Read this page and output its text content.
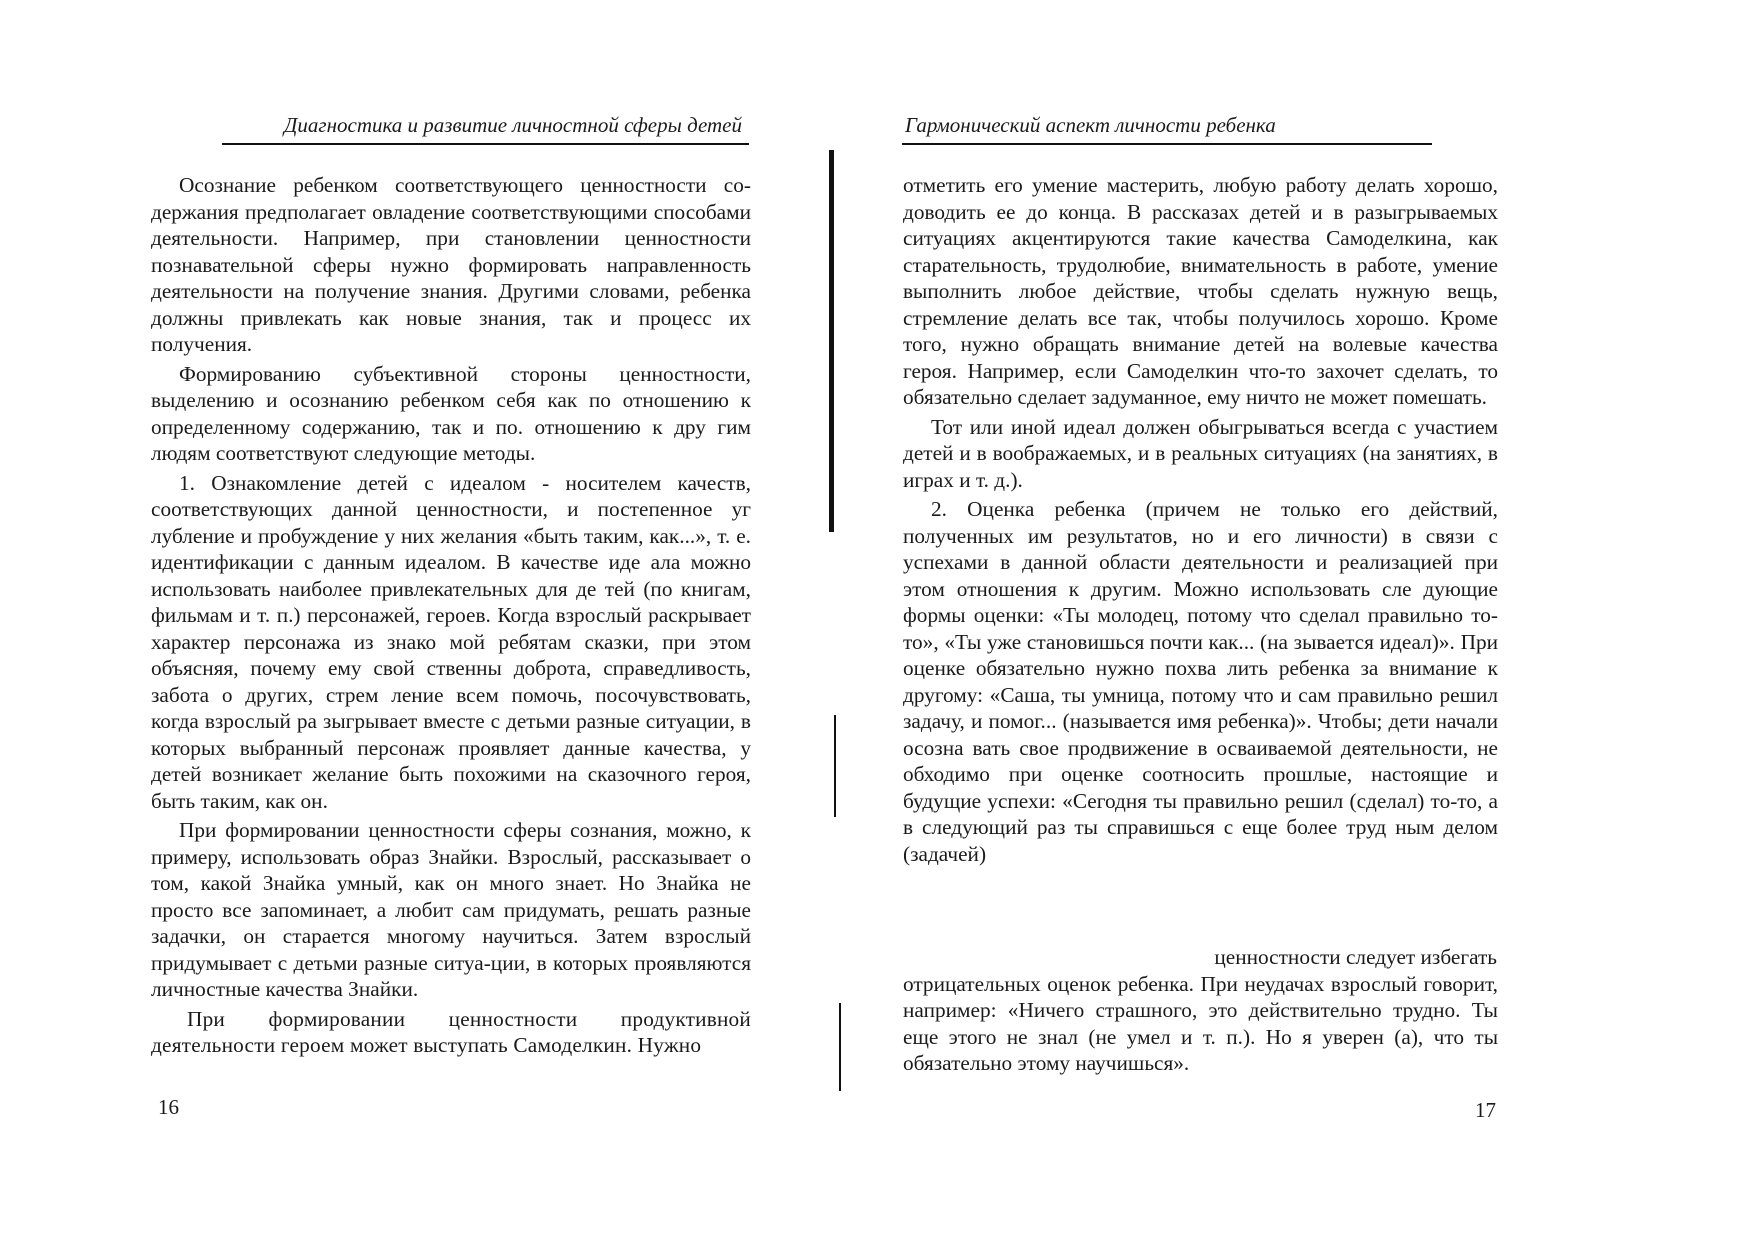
Диагностика и развитие личностной сферы детей

Осознание ребенком соответствующего ценностности содержания предполагает овладение соответствующими способами деятельности. Например, при становлении ценностности познавательной сферы нужно формировать направленность деятельности на получение знания. Другими словами, ребенка должны привлекать как новые знания, так и процесс их получения.

Формированию субъективной стороны ценностности, выделению и осознанию ребенком себя как по отношению к определенному содержанию, так и по. отношению к дру гим людям соответствуют следующие методы.

1. Ознакомление детей с идеалом - носителем качеств, соответствующих данной ценностности, и постепенное уг лубление и пробуждение у них желания «быть таким, как...», т. е. идентификации с данным идеалом. В качестве иде ала можно использовать наиболее привлекательных для де тей (по книгам, фильмам и т. п.) персонажей, героев. Когда взрослый раскрывает характер персонажа из знако мой ребятам сказки, при этом объясняя, почему ему свой ственны доброта, справедливость, забота о других, стрем ление всем помочь, посочувствовать, когда взрослый ра зыгрывает вместе с детьми разные ситуации, в которых выбранный персонаж проявляет данные качества, у детей возникает желание быть похожими на сказочного героя, быть таким, как он.

При формировании ценностности сферы сознания, можно, к примеру, использовать образ Знайки. Взрослый, рассказывает о том, какой Знайка умный, как он много знает. Но Знайка не просто все запоминает, а любит сам придумать, решать разные задачки, он старается многому научиться. Затем взрослый придумывает с детьми разные ситуа-ции, в которых проявляются личностные качества Знайки.

При формировании ценностности продуктивной деятельности героем может выступать Самоделкин. Нужно

16
Гармонический аспект личности ребенка

отметить его умение мастерить, любую работу делать хорошо, доводить ее до конца. В рассказах детей и в разыгрываемых ситуациях акцентируются такие качества Самоделкина, как старательность, трудолюбие, внимательность в работе, умение выполнить любое действие, чтобы сделать нужную вещь, стремление делать все так, чтобы получилось хорошо. Кроме того, нужно обращать внимание детей на волевые качества героя. Например, если Самоделкин что-то захочет сделать, то обязательно сделает задуманное, ему ничто не может помешать.

Тот или иной идеал должен обыгрываться всегда с участием детей и в воображаемых, и в реальных ситуациях (на занятиях, в играх и т. д.).

2. Оценка ребенка (причем не только его действий, полученных им результатов, но и его личности) в связи с успехами в данной области деятельности и реализацией при этом отношения к другим. Можно использовать сле дующие формы оценки: «Ты молодец, потому что сделал правильно то-то», «Ты уже становишься почти как... (на зывается идеал)». При оценке обязательно нужно похва лить ребенка за внимание к другому: «Саша, ты умница, потому что и сам правильно решил задачу, и помог... (называется имя ребенка)». Чтобы; дети начали осозна вать свое продвижение в осваиваемой деятельности, не обходимо при оценке соотносить прошлые, настоящие и будущие успехи: «Сегодня ты правильно решил (сделал) то-то, а в следующий раз ты справишься с еще более труд ным делом (задачей)

ценностности следует избегать

отрицательных оценок ребенка. При неудачах взрослый говорит, например: «Ничего страшного, это действительно трудно. Ты еще этого не знал (не умел и т. п.). Но я уверен (а), что ты обязательно этому научишься».

17
